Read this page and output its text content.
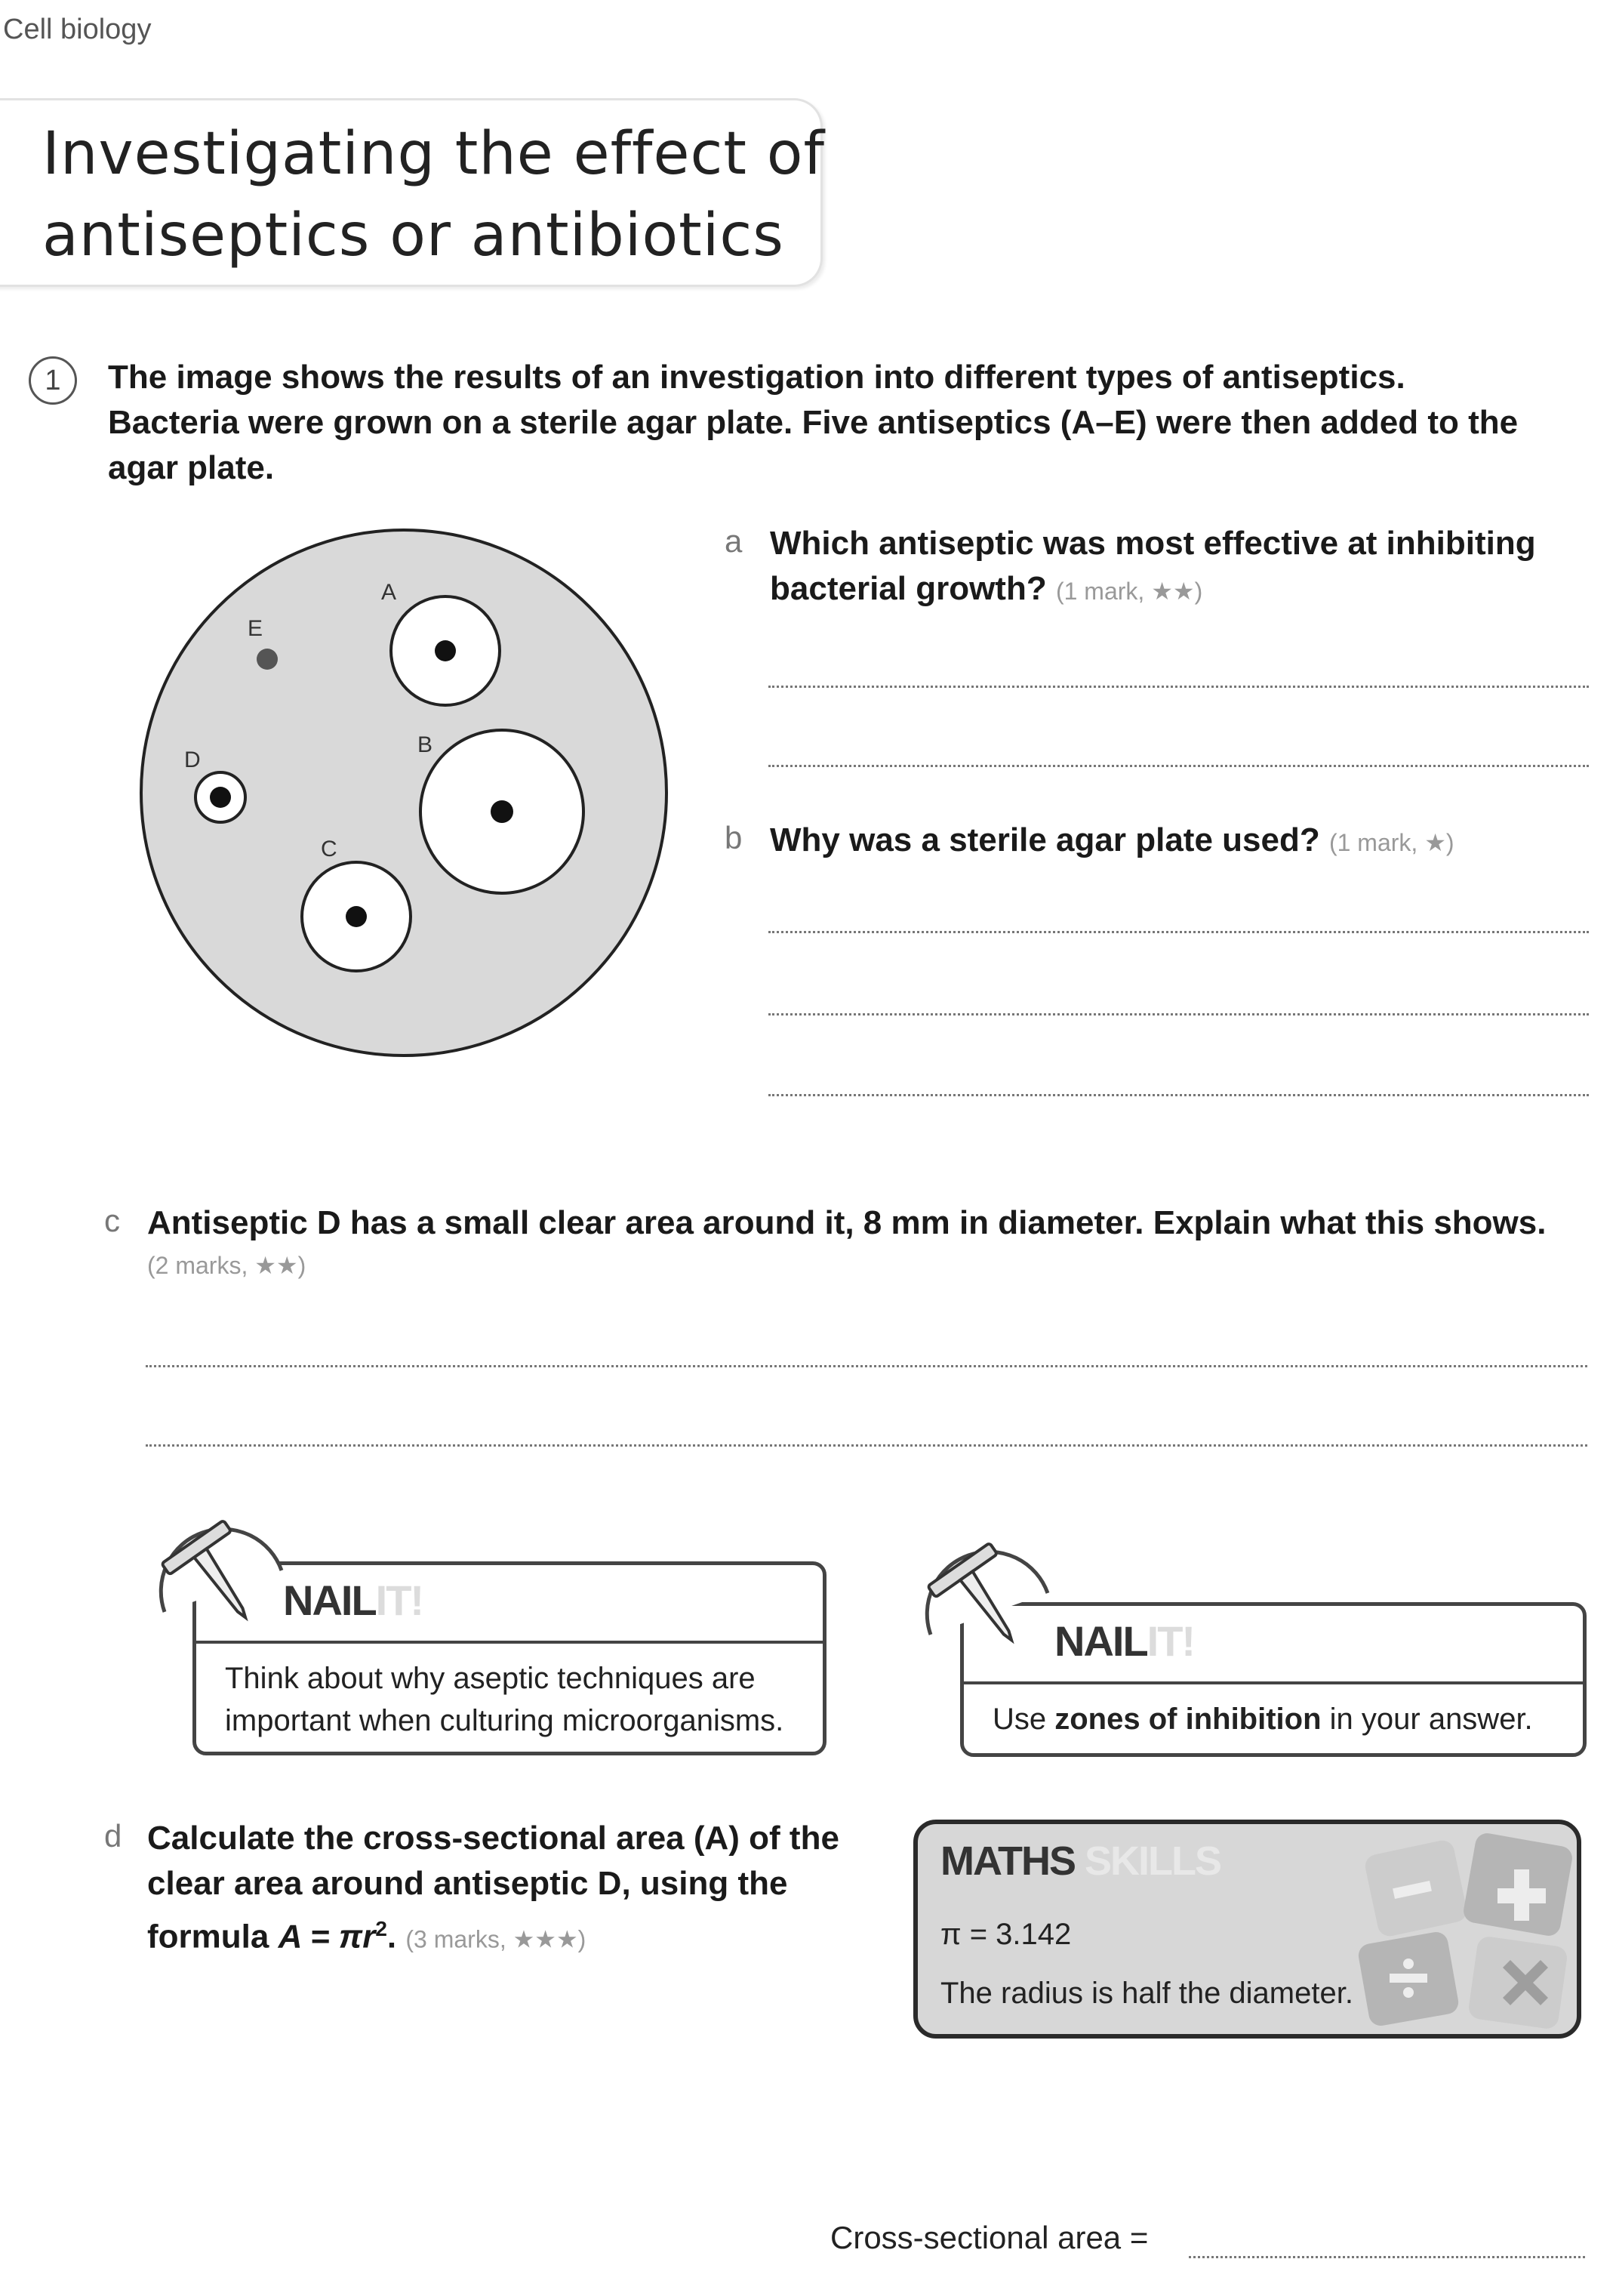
Cell biology
Investigating the effect of
antiseptics or antibiotics
1	The image shows the results of an investigation into different types of antiseptics.
Bacteria were grown on a sterile agar plate. Five antiseptics (A–E) were then added to the
agar plate.
A
B
C
D
E
a Which antiseptic was most effective at inhibiting
bacterial growth? (1 mark, ★★)
b Why was a sterile agar plate used? (1 mark, ★)
c Antiseptic D has a small clear area around it, 8 mm in diameter. Explain what this shows.
(2 marks, ★★)
NAILIT!
Think about why aseptic techniques are
important when culturing microorganisms.
NAILIT!
Use zones of inhibition in your answer.
d Calculate the cross-sectional area (A) of the
clear area around antiseptic D, using the
formula $A = \pi r^2$. (3 marks, ★★★)
MATHS SKILLS
π = 3.142
The radius is half the diameter.
Cross-sectional area =
